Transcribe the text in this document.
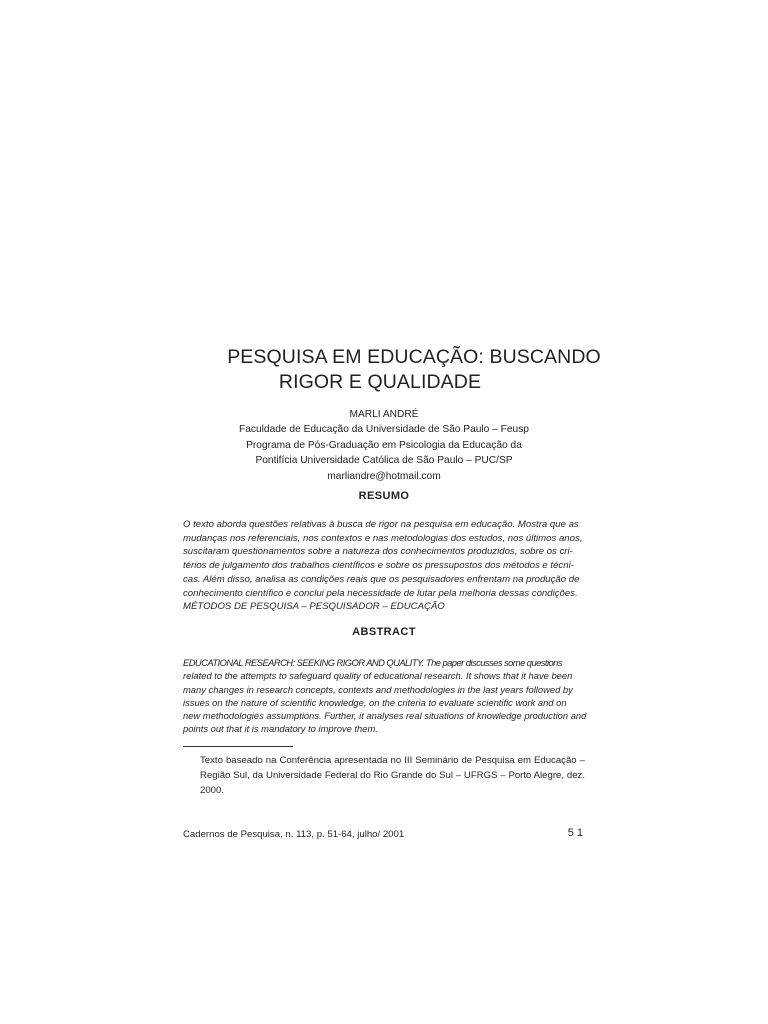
PESQUISA EM EDUCAÇÃO: BUSCANDO
RIGOR E QUALIDADE
MARLI ANDRÉ
Faculdade de Educação da Universidade de São Paulo – Feusp
Programa de Pós-Graduação em Psicologia da Educação da
Pontifícia Universidade Católica de São Paulo – PUC/SP
marliandre@hotmail.com
RESUMO
O texto aborda questões relativas à busca de rigor na pesquisa em educação. Mostra que as
mudanças nos referenciais, nos contextos e nas metodologias dos estudos, nos últimos anos,
suscitaram questionamentos sobre a natureza dos conhecimentos produzidos, sobre os cri-
térios de julgamento dos trabalhos científicos e sobre os pressupostos dos métodos e técni-
cas. Além disso, analisa as condições reais que os pesquisadores enfrentam na produção de
conhecimento científico e conclui pela necessidade de lutar pela melhoria dessas condições.
MÉTODOS DE PESQUISA – PESQUISADOR – EDUCAÇÃO
ABSTRACT
EDUCATIONAL RESEARCH: SEEKING RIGOR AND QUALITY. The paper discusses some questions
related to the attempts to safeguard quality of educational research. It shows that it have been
many changes in research concepts, contexts and methodologies in the last years followed by
issues on the nature of scientific knowledge, on the criteria to evaluate scientific work and on
new methodologies assumptions. Further, it analyses real situations of knowledge production and
points out that it is mandatory to improve them.
Texto baseado na Conferência apresentada no III Seminário de Pesquisa em Educação –
Região Sul, da Universidade Federal do Rio Grande do Sul – UFRGS – Porto Alegre, dez.
2000.
Cadernos de Pesquisa, n. 113, p. 51-64, julho/ 2001	51
